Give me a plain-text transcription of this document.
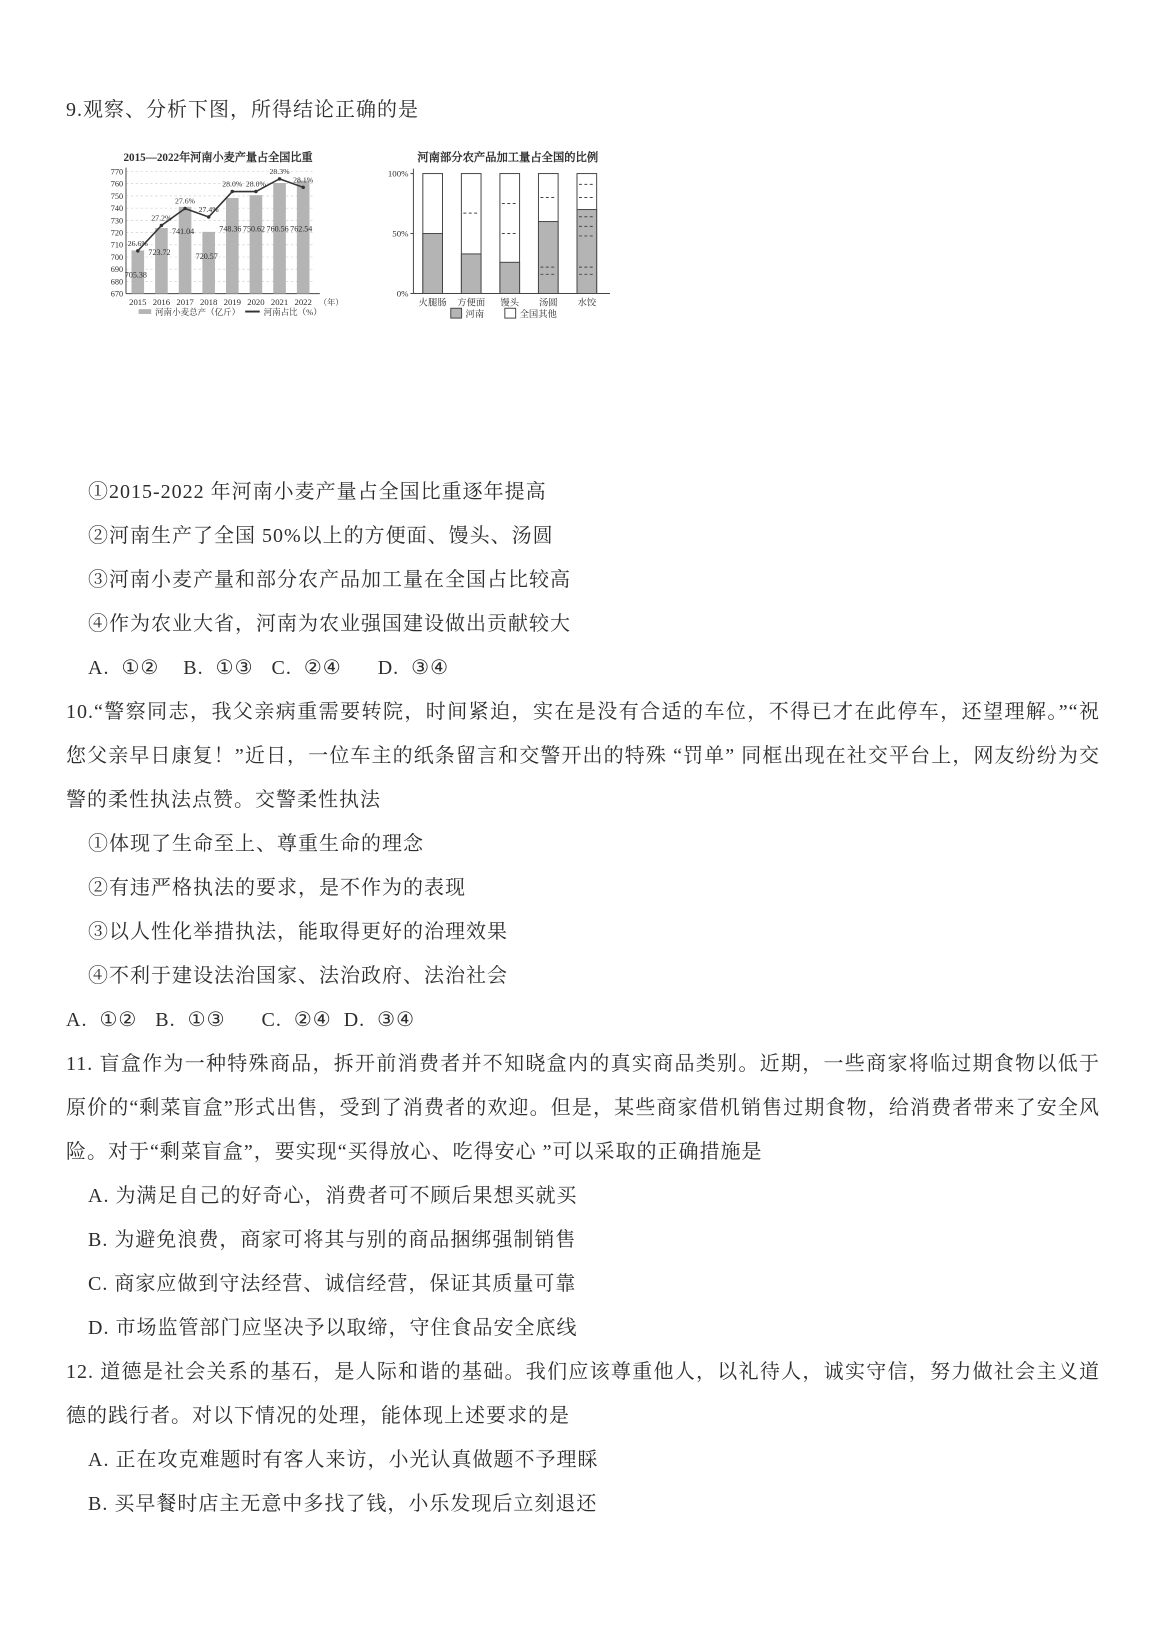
9.观察、分析下图，所得结论正确的是
2015—2022年河南小麦产量占全国比重
670
680
690
700
710
720
730
740
750
760
770
705.38
723.72
741.04
720.57
748.36 750.62 760.56 762.54
26.6%
27.2%
27.6%
27.4%
28.0% 28.0%
28.3%
28.1%
2015 2016 2017 2018 2019 2020 2021 2022 （年）
河南小麦总产（亿斤）	河南占比（%）
河南部分农产品加工量占全国的比例
0%
50%
100%
火腿肠 方便面 馒头 汤圆 水饺
河南	全国其他
①2015-2022 年河南小麦产量占全国比重逐年提高
②河南生产了全国 50%以上的方便面、馒头、汤圆
③河南小麦产量和部分农产品加工量在全国占比较高
④作为农业大省，河南为农业强国建设做出贡献较大
A.  ①②    B.  ①③   C.  ②④      D.  ③④
10.“警察同志，我父亲病重需要转院，时间紧迫，实在是没有合适的车位，不得已才在此停车，还望理解。”“祝您父亲早日康复！”近日，一位车主的纸条留言和交警开出的特殊 “罚单” 同框出现在社交平台上，网友纷纷为交警的柔性执法点赞。交警柔性执法
①体现了生命至上、尊重生命的理念
②有违严格执法的要求，是不作为的表现
③以人性化举措执法，能取得更好的治理效果
④不利于建设法治国家、法治政府、法治社会
A.  ①②   B.  ①③      C.  ②④  D.  ③④
11. 盲盒作为一种特殊商品，拆开前消费者并不知晓盒内的真实商品类别。近期，一些商家将临过期食物以低于原价的“剩菜盲盒”形式出售，受到了消费者的欢迎。但是，某些商家借机销售过期食物，给消费者带来了安全风险。对于“剩菜盲盒”，要实现“买得放心、吃得安心 ”可以采取的正确措施是
A. 为满足自己的好奇心，消费者可不顾后果想买就买
B. 为避免浪费，商家可将其与别的商品捆绑强制销售
C. 商家应做到守法经营、诚信经营，保证其质量可靠
D. 市场监管部门应坚决予以取缔，守住食品安全底线
12. 道德是社会关系的基石，是人际和谐的基础。我们应该尊重他人，以礼待人，诚实守信，努力做社会主义道德的践行者。对以下情况的处理，能体现上述要求的是
A. 正在攻克难题时有客人来访，小光认真做题不予理睬
B. 买早餐时店主无意中多找了钱，小乐发现后立刻退还
